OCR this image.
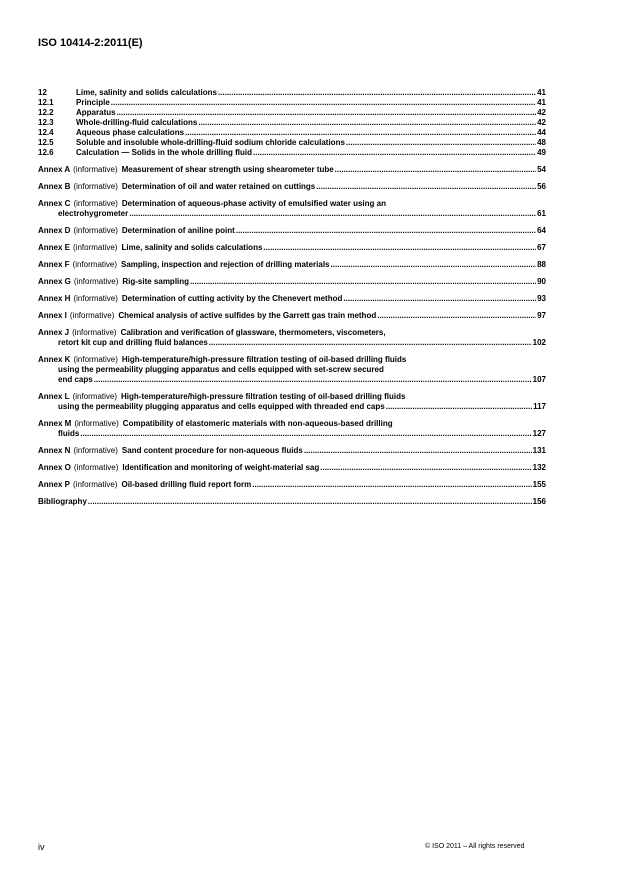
ISO 10414-2:2011(E)
12	Lime, salinity and solids calculations .....	41
12.1	Principle .....	41
12.2	Apparatus .....	42
12.3	Whole-drilling-fluid calculations .....	42
12.4	Aqueous phase calculations .....	44
12.5	Soluble and insoluble whole-drilling-fluid sodium chloride calculations .....	48
12.6	Calculation — Solids in the whole drilling fluid .....	49
Annex A (informative) Measurement of shear strength using shearometer tube .....	54
Annex B (informative) Determination of oil and water retained on cuttings .....	56
Annex C (informative) Determination of aqueous-phase activity of emulsified water using an
electrohygrometer .....	61
Annex D (informative) Determination of aniline point .....	64
Annex E (informative) Lime, salinity and solids calculations .....	67
Annex F (informative) Sampling, inspection and rejection of drilling materials .....	88
Annex G (informative) Rig-site sampling .....	90
Annex H (informative) Determination of cutting activity by the Chenevert method .....	93
Annex I (informative) Chemical analysis of active sulfides by the Garrett gas train method .....	97
Annex J (informative) Calibration and verification of glassware, thermometers, viscometers,
retort kit cup and drilling fluid balances .....	102
Annex K (informative) High-temperature/high-pressure filtration testing of oil-based drilling fluids
using the permeability plugging apparatus and cells equipped with set-screw secured
end caps .....	107
Annex L (informative) High-temperature/high-pressure filtration testing of oil-based drilling fluids
using the permeability plugging apparatus and cells equipped with threaded end caps .....	117
Annex M (informative) Compatibility of elastomeric materials with non-aqueous-based drilling
fluids .....	127
Annex N (informative) Sand content procedure for non-aqueous fluids .....	131
Annex O (informative) Identification and monitoring of weight-material sag .....	132
Annex P (informative) Oil-based drilling fluid report form .....	155
Bibliography .....	156
iv	© ISO 2011 – All rights reserved
